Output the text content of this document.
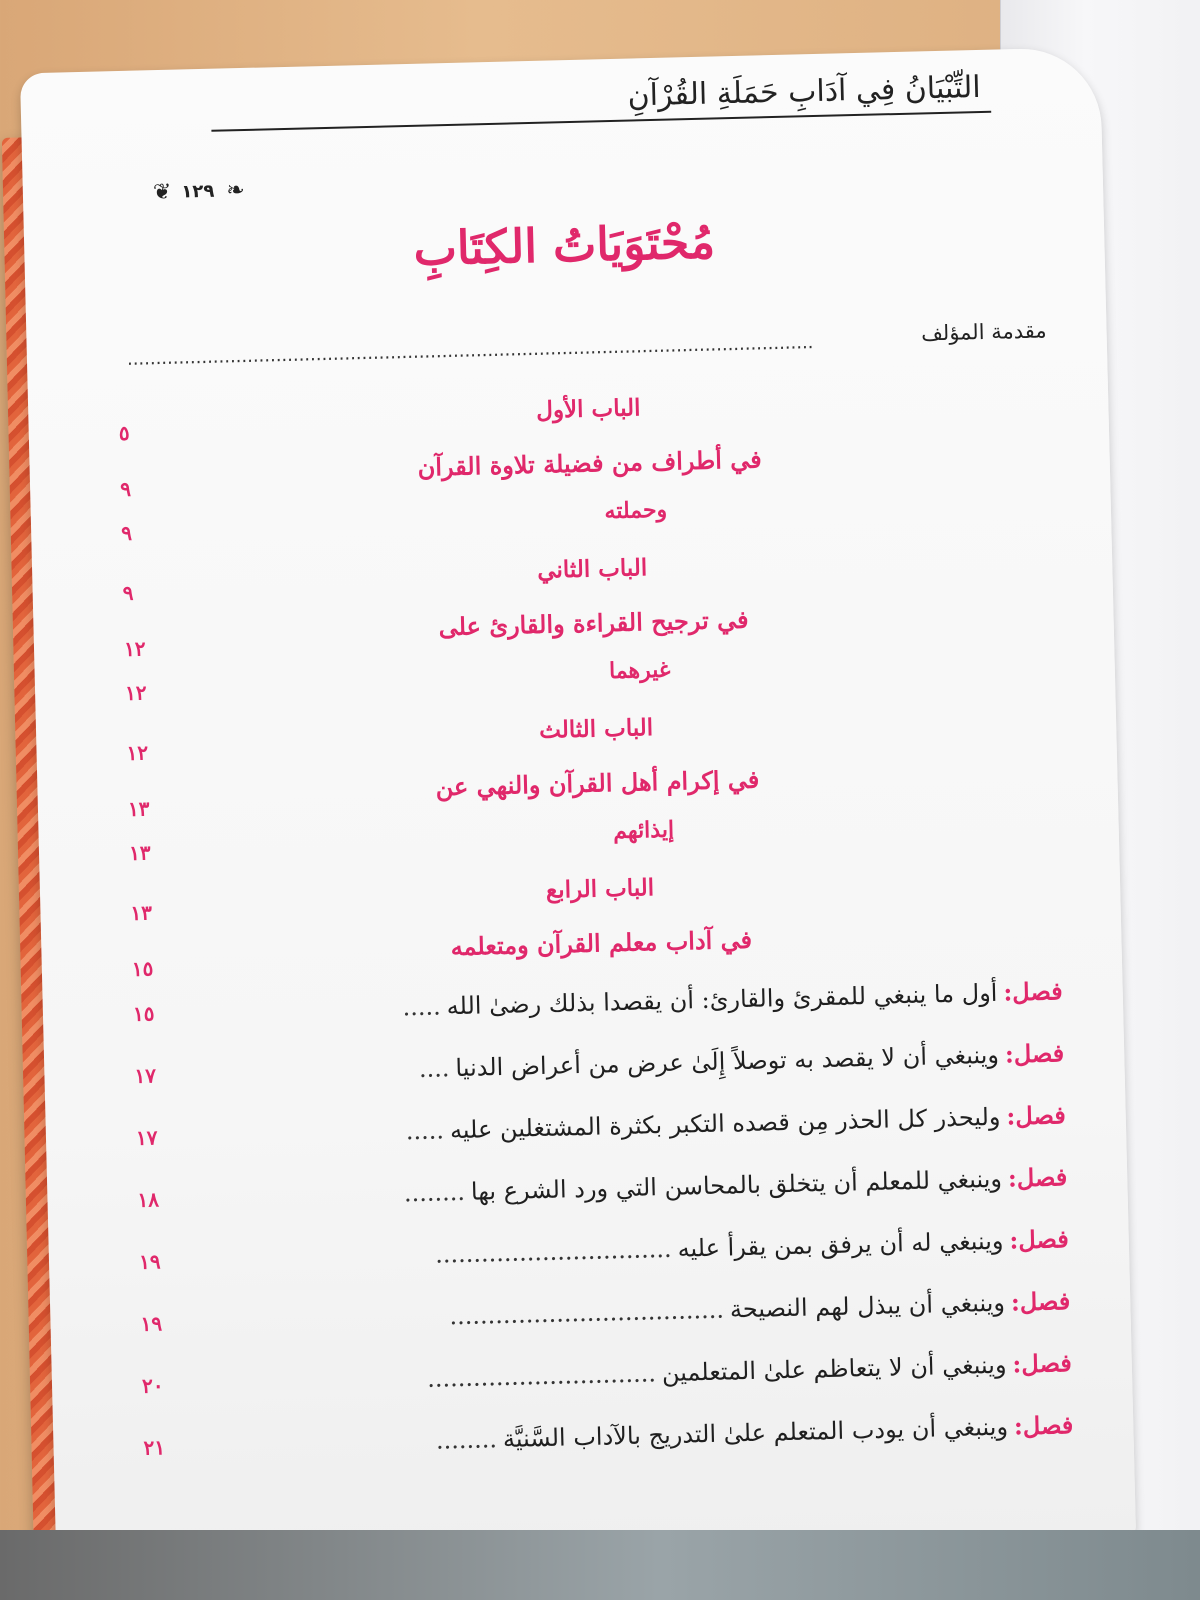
التِّبْيَانُ فِي آدَابِ حَمَلَةِ القُرْآنِ
❦ ١٢٩ ❧
مُحْتَوَيَاتُ الكِتَابِ
مقدمة المؤلف
........................................................................................................................
الباب الأول
٥
في أطراف من فضيلة تلاوة القرآن
٩
وحملته
٩
الباب الثاني
٩
في ترجيح القراءة والقارئ على
١٢
غيرهما
١٢
الباب الثالث
١٢
في إكرام أهل القرآن والنهي عن
١٣
إيذائهم
١٣
الباب الرابع
١٣
في آداب معلم القرآن ومتعلمه
١٥
فصل:أول ما ينبغي للمقرئ والقارئ: أن يقصدا بذلك رضىٰ الله.....
١٥
فصل:وينبغي أن لا يقصد به توصلاً إِلَىٰ عرض من أعراض الدنيا....
١٧
فصل:وليحذر كل الحذر مِن قصده التكبر بكثرة المشتغلين عليه.....
١٧
فصل:وينبغي للمعلم أن يتخلق بالمحاسن التي ورد الشرع بها........
١٨
فصل:وينبغي له أن يرفق بمن يقرأ عليه...............................
١٩
فصل:وينبغي أن يبذل لهم النصيحة....................................
١٩
فصل:وينبغي أن لا يتعاظم علىٰ المتعلمين..............................
٢٠
فصل:وينبغي أن يودب المتعلم علىٰ التدريج بالآداب السَّنيَّة........
٢١
